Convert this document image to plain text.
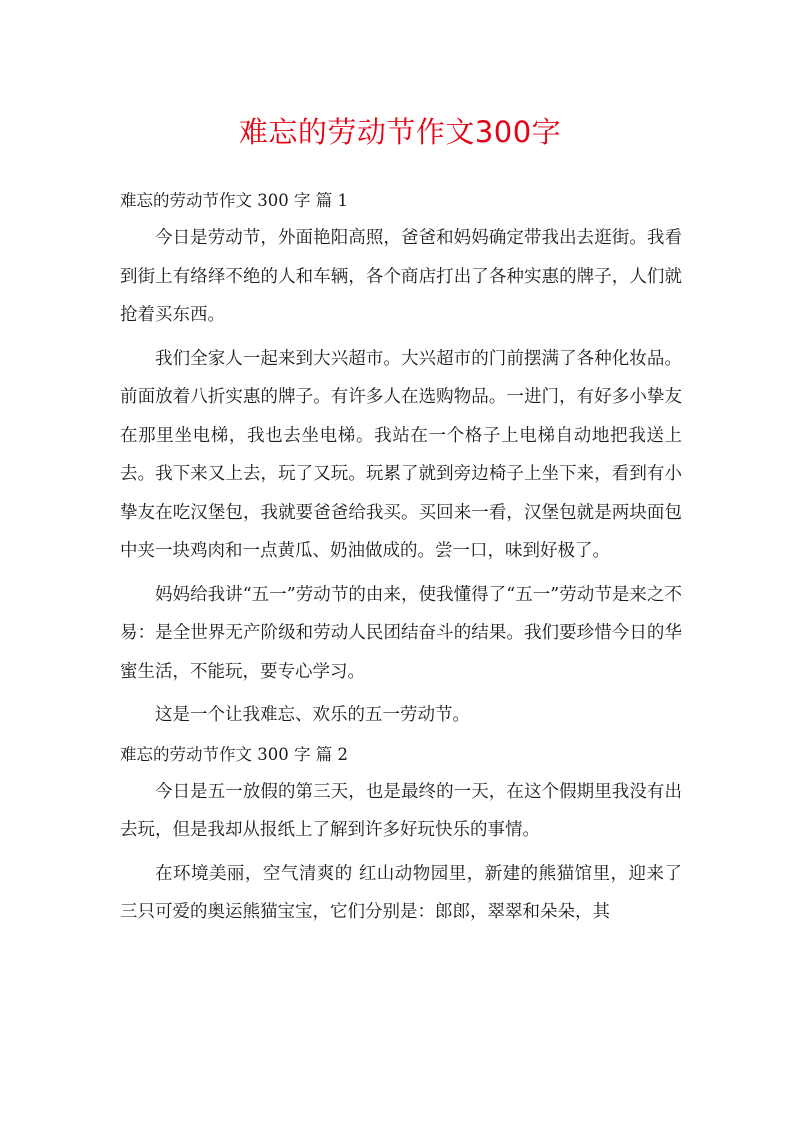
难忘的劳动节作文300字
难忘的劳动节作文 300 字 篇 1

今日是劳动节，外面艳阳高照，爸爸和妈妈确定带我出去逛街。我看到街上有络绎不绝的人和车辆，各个商店打出了各种实惠的牌子，人们就抢着买东西。

我们全家人一起来到大兴超市。大兴超市的门前摆满了各种化妆品。前面放着八折实惠的牌子。有许多人在选购物品。一进门，有好多小挚友在那里坐电梯，我也去坐电梯。我站在一个格子上电梯自动地把我送上去。我下来又上去，玩了又玩。玩累了就到旁边椅子上坐下来，看到有小挚友在吃汉堡包，我就要爸爸给我买。买回来一看，汉堡包就是两块面包中夹一块鸡肉和一点黄瓜、奶油做成的。尝一口，味到好极了。

妈妈给我讲“五一”劳动节的由来，使我懂得了“五一”劳动节是来之不易：是全世界无产阶级和劳动人民团结奋斗的结果。我们要珍惜今日的华蜜生活，不能玩，要专心学习。

这是一个让我难忘、欢乐的五一劳动节。

难忘的劳动节作文 300 字 篇 2

今日是五一放假的第三天，也是最终的一天，在这个假期里我没有出去玩，但是我却从报纸上了解到许多好玩快乐的事情。

在环境美丽，空气清爽的 红山动物园里，新建的熊猫馆里，迎来了三只可爱的奥运熊猫宝宝，它们分别是：郎郎，翠翠和朵朵，其
